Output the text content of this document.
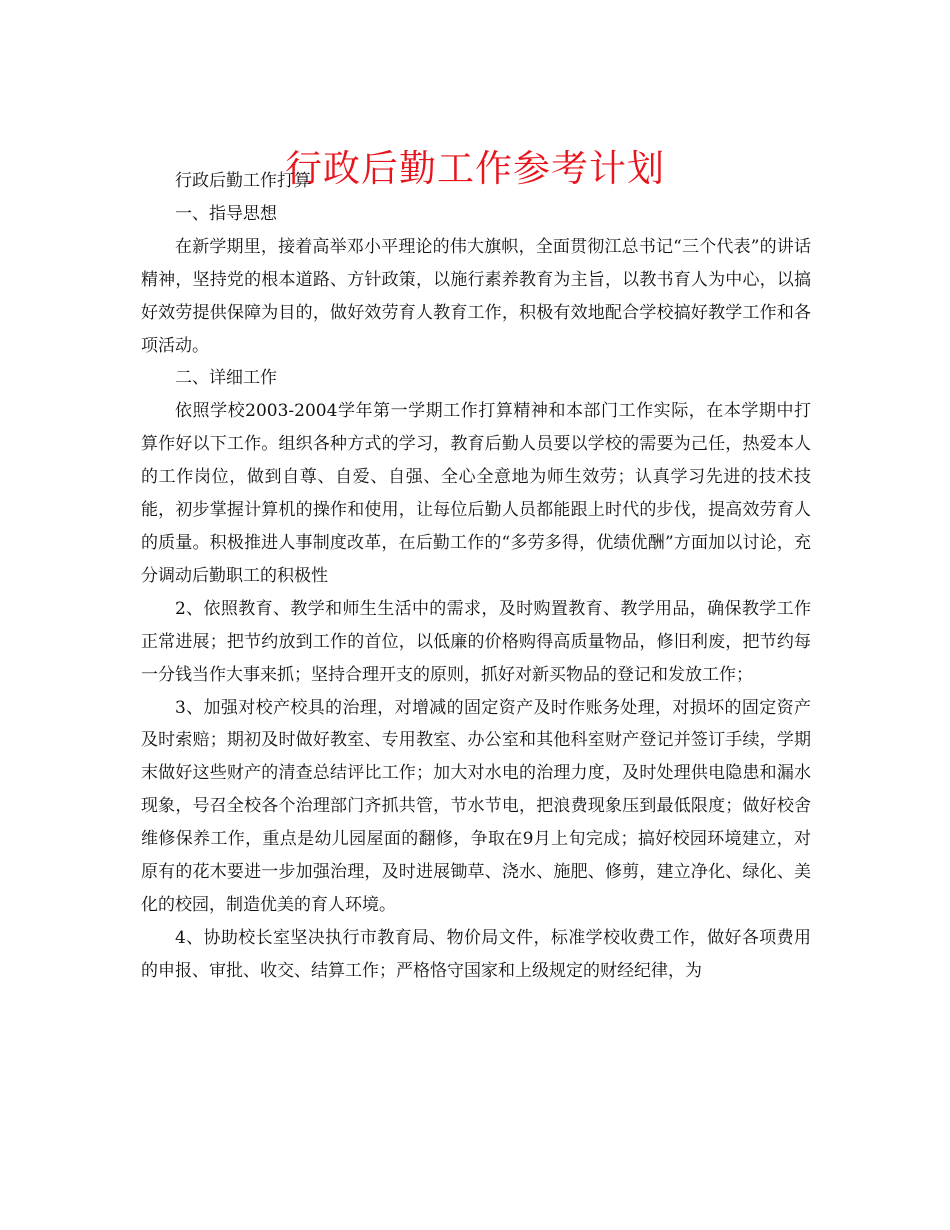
行政后勤工作参考计划

行政后勤工作打算

一、指导思想

在新学期里，接着高举邓小平理论的伟大旗帜，全面贯彻江总书记“三个代表”的讲话精神，坚持党的根本道路、方针政策，以施行素养教育为主旨，以教书育人为中心，以搞好效劳提供保障为目的，做好效劳育人教育工作，积极有效地配合学校搞好教学工作和各项活动。

二、详细工作

依照学校2003-2004学年第一学期工作打算精神和本部门工作实际，在本学期中打算作好以下工作。组织各种方式的学习，教育后勤人员要以学校的需要为己任，热爱本人的工作岗位，做到自尊、自爱、自强、全心全意地为师生效劳；认真学习先进的技术技能，初步掌握计算机的操作和使用，让每位后勤人员都能跟上时代的步伐，提高效劳育人的质量。积极推进人事制度改革，在后勤工作的“多劳多得，优绩优酬”方面加以讨论，充分调动后勤职工的积极性

2、依照教育、教学和师生生活中的需求，及时购置教育、教学用品，确保教学工作正常进展；把节约放到工作的首位，以低廉的价格购得高质量物品，修旧利废，把节约每一分钱当作大事来抓；坚持合理开支的原则，抓好对新买物品的登记和发放工作；

3、加强对校产校具的治理，对增减的固定资产及时作账务处理，对损坏的固定资产及时索赔；期初及时做好教室、专用教室、办公室和其他科室财产登记并签订手续，学期末做好这些财产的清查总结评比工作；加大对水电的治理力度，及时处理供电隐患和漏水现象，号召全校各个治理部门齐抓共管，节水节电，把浪费现象压到最低限度；做好校舍维修保养工作，重点是幼儿园屋面的翻修，争取在9月上旬完成；搞好校园环境建立，对原有的花木要进一步加强治理，及时进展锄草、浇水、施肥、修剪，建立净化、绿化、美化的校园，制造优美的育人环境。

4、协助校长室坚决执行市教育局、物价局文件，标准学校收费工作，做好各项费用的申报、审批、收交、结算工作；严格恪守国家和上级规定的财经纪律，为
